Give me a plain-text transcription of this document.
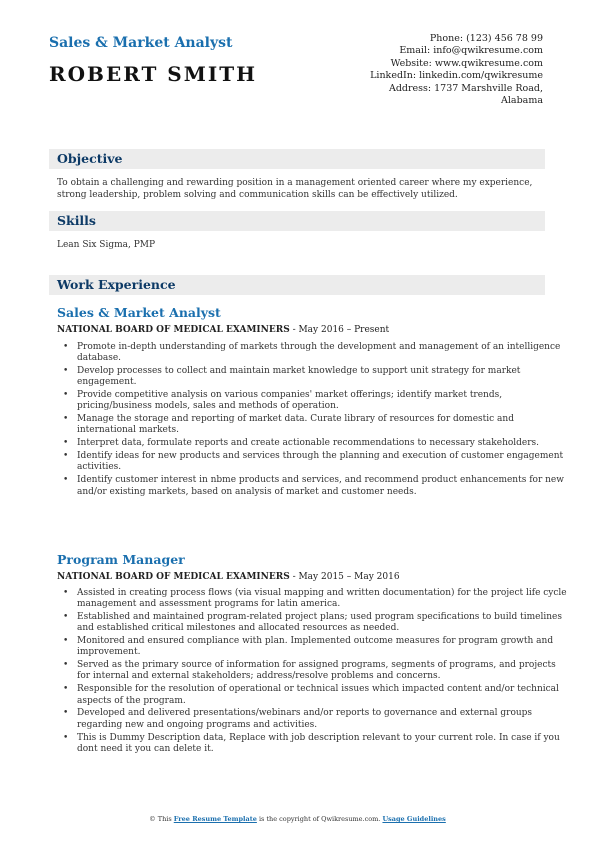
Sales & Market Analyst
ROBERT SMITH
Phone: (123) 456 78 99
Email: info@qwikresume.com
Website: www.qwikresume.com
LinkedIn: linkedin.com/qwikresume
Address: 1737 Marshville Road,
Alabama
Objective
To obtain a challenging and rewarding position in a management oriented career where my experience, strong leadership, problem solving and communication skills can be effectively utilized.
Skills
Lean Six Sigma, PMP
Work Experience
Sales & Market Analyst
NATIONAL BOARD OF MEDICAL EXAMINERS - May 2016 – Present
• Promote in-depth understanding of markets through the development and management of an intelligence database.
• Develop processes to collect and maintain market knowledge to support unit strategy for market engagement.
• Provide competitive analysis on various companies' market offerings; identify market trends, pricing/business models, sales and methods of operation.
• Manage the storage and reporting of market data. Curate library of resources for domestic and international markets.
• Interpret data, formulate reports and create actionable recommendations to necessary stakeholders.
• Identify ideas for new products and services through the planning and execution of customer engagement activities.
• Identify customer interest in nbme products and services, and recommend product enhancements for new and/or existing markets, based on analysis of market and customer needs.
Program Manager
NATIONAL BOARD OF MEDICAL EXAMINERS - May 2015 – May 2016
• Assisted in creating process flows (via visual mapping and written documentation) for the project life cycle management and assessment programs for latin america.
• Established and maintained program-related project plans; used program specifications to build timelines and established critical milestones and allocated resources as needed.
• Monitored and ensured compliance with plan. Implemented outcome measures for program growth and improvement.
• Served as the primary source of information for assigned programs, segments of programs, and projects for internal and external stakeholders; address/resolve problems and concerns.
• Responsible for the resolution of operational or technical issues which impacted content and/or technical aspects of the program.
• Developed and delivered presentations/webinars and/or reports to governance and external groups regarding new and ongoing programs and activities.
• This is Dummy Description data, Replace with job description relevant to your current role. In case if you dont need it you can delete it.
© This Free Resume Template is the copyright of Qwikresume.com. Usage Guidelines
